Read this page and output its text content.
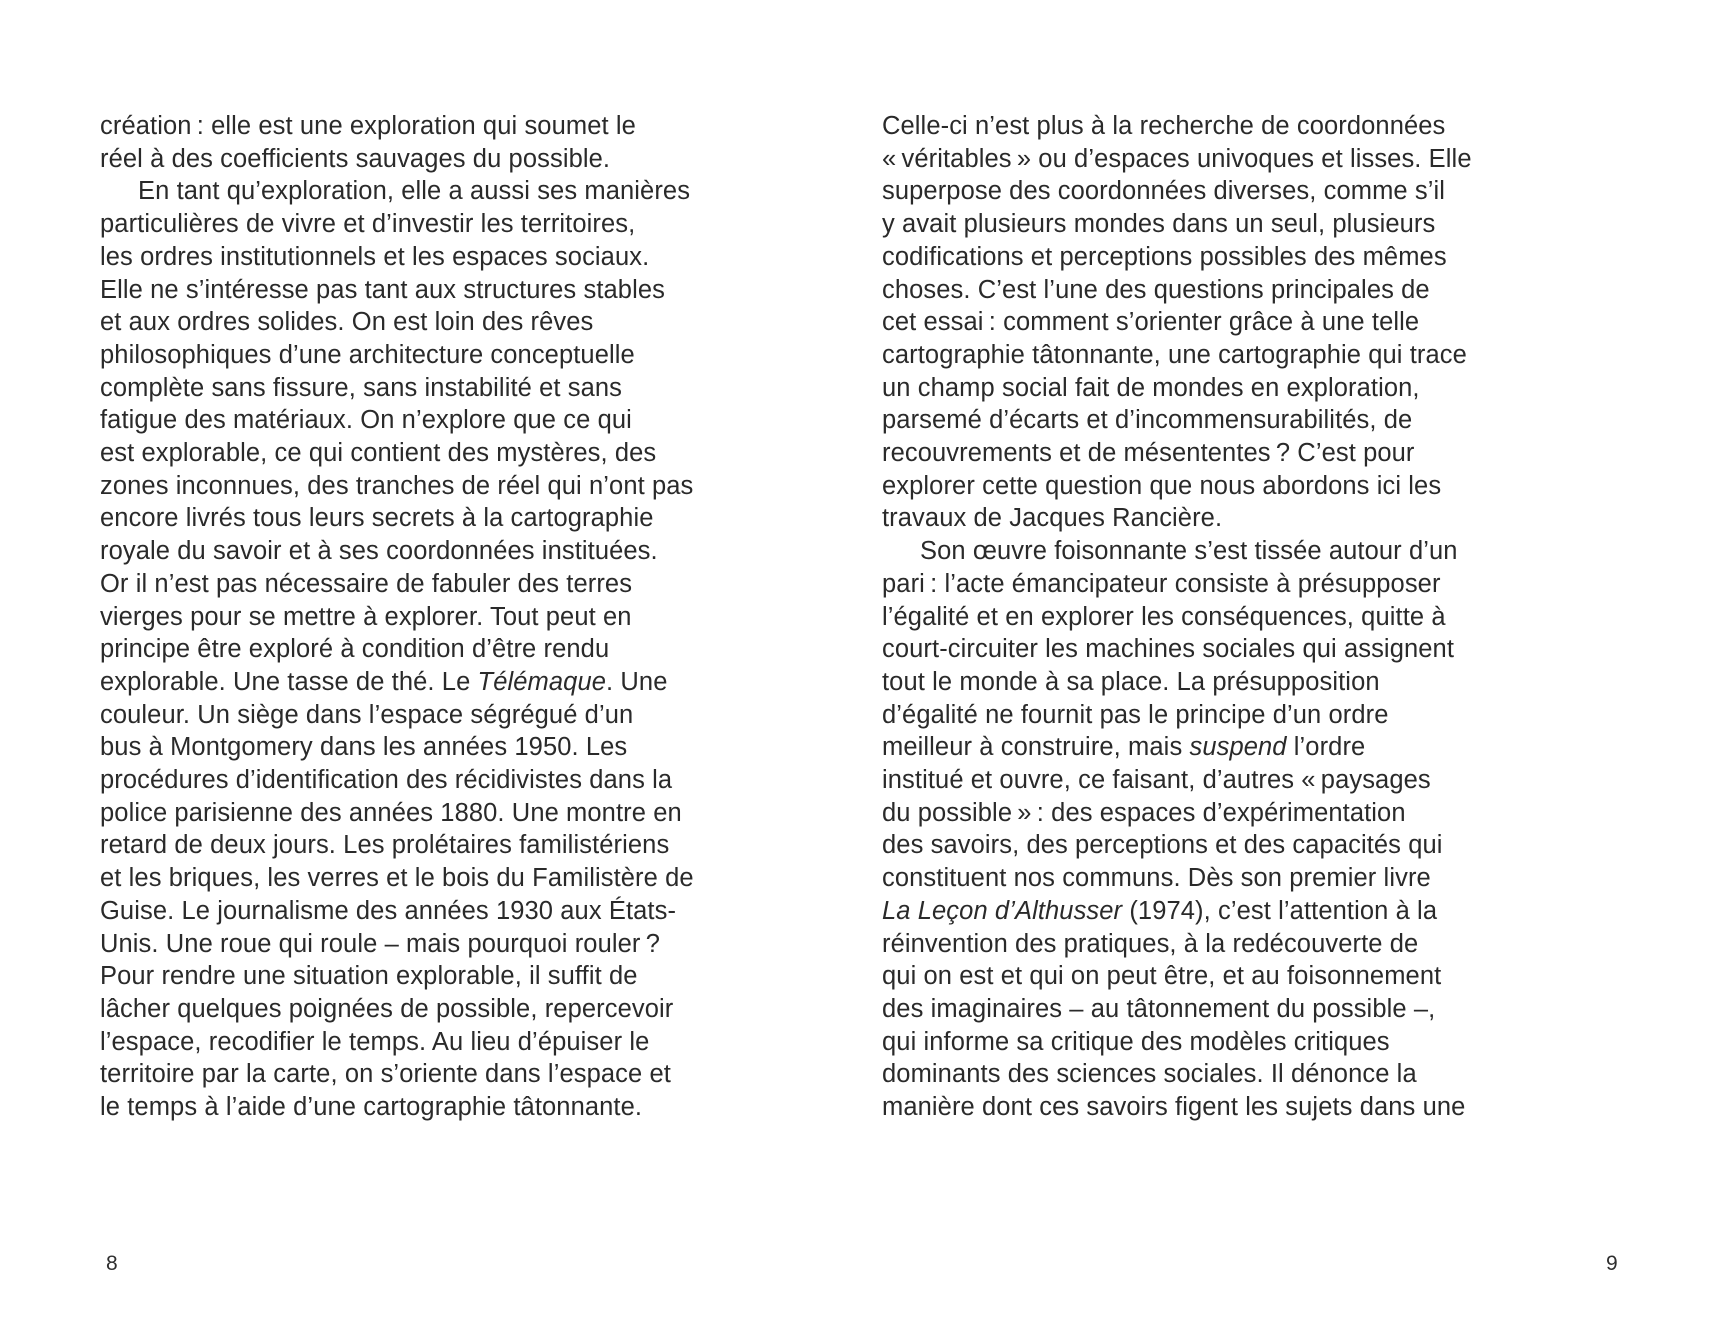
création : elle est une exploration qui soumet le
réel à des coefficients sauvages du possible.
En tant qu’exploration, elle a aussi ses manières
particulières de vivre et d’investir les territoires,
les ordres institutionnels et les espaces sociaux.
Elle ne s’intéresse pas tant aux structures stables
et aux ordres solides. On est loin des rêves
philosophiques d’une architecture conceptuelle
complète sans fissure, sans instabilité et sans
fatigue des matériaux. On n’explore que ce qui
est explorable, ce qui contient des mystères, des
zones inconnues, des tranches de réel qui n’ont pas
encore livrés tous leurs secrets à la cartographie
royale du savoir et à ses coordonnées instituées.
Or il n’est pas nécessaire de fabuler des terres
vierges pour se mettre à explorer. Tout peut en
principe être exploré à condition d’être rendu
explorable. Une tasse de thé. Le Télémaque. Une
couleur. Un siège dans l’espace ségrégué d’un
bus à Montgomery dans les années 1950. Les
procédures d’identification des récidivistes dans la
police parisienne des années 1880. Une montre en
retard de deux jours. Les prolétaires familistériens
et les briques, les verres et le bois du Familistère de
Guise. Le journalisme des années 1930 aux États-
Unis. Une roue qui roule – mais pourquoi rouler ?
Pour rendre une situation explorable, il suffit de
lâcher quelques poignées de possible, repercevoir
l’espace, recodifier le temps. Au lieu d’épuiser le
territoire par la carte, on s’oriente dans l’espace et
le temps à l’aide d’une cartographie tâtonnante.
Celle-ci n’est plus à la recherche de coordonnées
« véritables » ou d’espaces univoques et lisses. Elle
superpose des coordonnées diverses, comme s’il
y avait plusieurs mondes dans un seul, plusieurs
codifications et perceptions possibles des mêmes
choses. C’est l’une des questions principales de
cet essai : comment s’orienter grâce à une telle
cartographie tâtonnante, une cartographie qui trace
un champ social fait de mondes en exploration,
parsemé d’écarts et d’incommensurabilités, de
recouvrements et de mésententes ? C’est pour
explorer cette question que nous abordons ici les
travaux de Jacques Rancière.
Son œuvre foisonnante s’est tissée autour d’un
pari : l’acte émancipateur consiste à présupposer
l’égalité et en explorer les conséquences, quitte à
court-circuiter les machines sociales qui assignent
tout le monde à sa place. La présupposition
d’égalité ne fournit pas le principe d’un ordre
meilleur à construire, mais suspend l’ordre
institué et ouvre, ce faisant, d’autres « paysages
du possible » : des espaces d’expérimentation
des savoirs, des perceptions et des capacités qui
constituent nos communs. Dès son premier livre
La Leçon d’Althusser (1974), c’est l’attention à la
réinvention des pratiques, à la redécouverte de
qui on est et qui on peut être, et au foisonnement
des imaginaires – au tâtonnement du possible –,
qui informe sa critique des modèles critiques
dominants des sciences sociales. Il dénonce la
manière dont ces savoirs figent les sujets dans une
8	9
